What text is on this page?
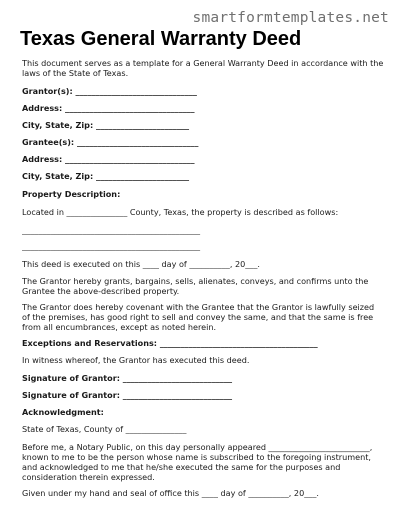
smartformtemplates.net
Texas General Warranty Deed

This document serves as a template for a General Warranty Deed in accordance with the laws of the State of Texas.

Grantor(s): ______________________________

Address: ________________________________

City, State, Zip: _______________________

Grantee(s): ______________________________

Address: ________________________________

City, State, Zip: _______________________

Property Description:

Located in _______________ County, Texas, the property is described as follows:

____________________________________________

____________________________________________

This deed is executed on this ____ day of __________, 20___.

The Grantor hereby grants, bargains, sells, alienates, conveys, and confirms unto the Grantee the above-described property.

The Grantor does hereby covenant with the Grantee that the Grantor is lawfully seized of the premises, has good right to sell and convey the same, and that the same is free from all encumbrances, except as noted herein.

Exceptions and Reservations: _______________________________________

In witness whereof, the Grantor has executed this deed.

Signature of Grantor: ___________________________

Signature of Grantor: ___________________________

Acknowledgment:

State of Texas, County of _______________

Before me, a Notary Public, on this day personally appeared _________________________, known to me to be the person whose name is subscribed to the foregoing instrument, and acknowledged to me that he/she executed the same for the purposes and consideration therein expressed.

Given under my hand and seal of office this ____ day of __________, 20___.
